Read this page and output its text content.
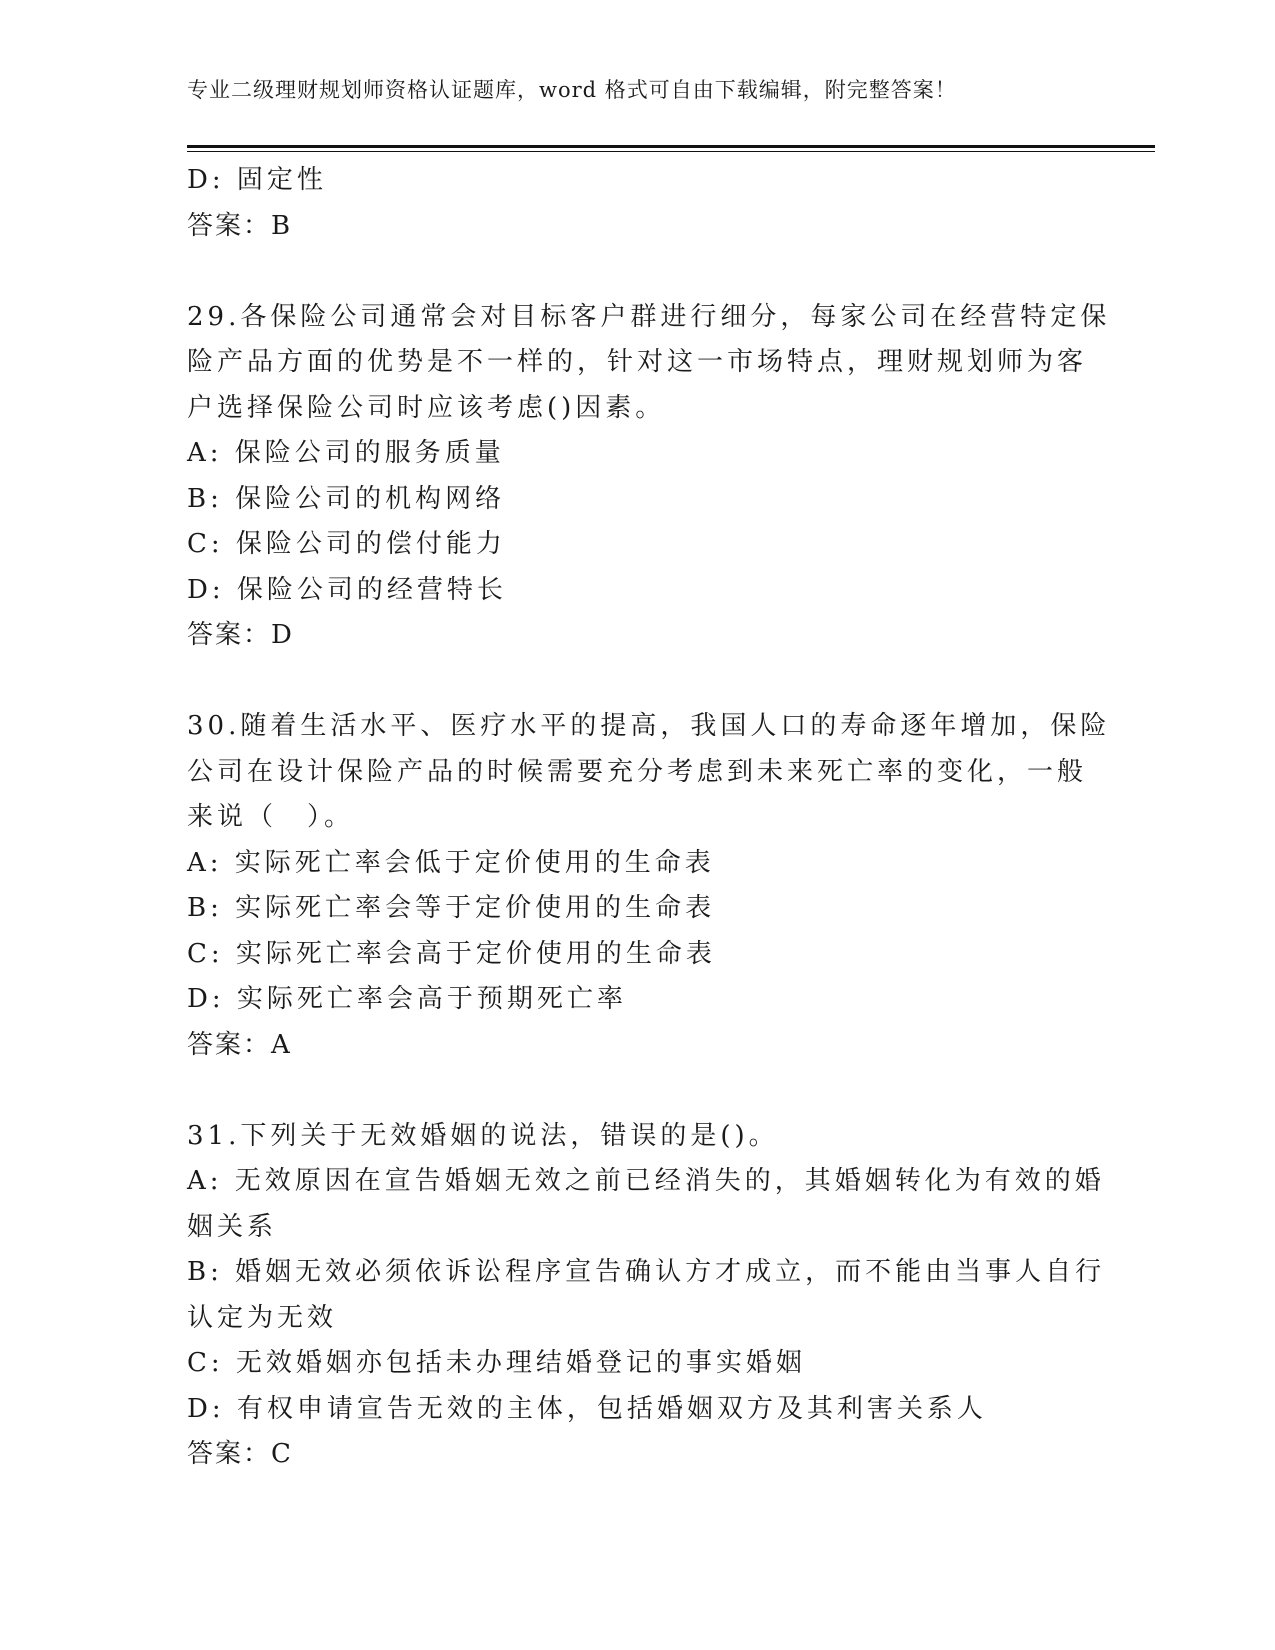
专业二级理财规划师资格认证题库，word 格式可自由下载编辑，附完整答案！
D: 固定性
答案：B
29.各保险公司通常会对目标客户群进行细分，每家公司在经营特定保
险产品方面的优势是不一样的，针对这一市场特点，理财规划师为客
户选择保险公司时应该考虑()因素。
A: 保险公司的服务质量
B: 保险公司的机构网络
C: 保险公司的偿付能力
D: 保险公司的经营特长
答案：D
30.随着生活水平、医疗水平的提高，我国人口的寿命逐年增加，保险
公司在设计保险产品的时候需要充分考虑到未来死亡率的变化，一般
来说（　）。
A: 实际死亡率会低于定价使用的生命表
B: 实际死亡率会等于定价使用的生命表
C: 实际死亡率会高于定价使用的生命表
D: 实际死亡率会高于预期死亡率
答案：A
31.下列关于无效婚姻的说法，错误的是()。
A: 无效原因在宣告婚姻无效之前已经消失的，其婚姻转化为有效的婚
姻关系
B: 婚姻无效必须依诉讼程序宣告确认方才成立，而不能由当事人自行
认定为无效
C: 无效婚姻亦包括未办理结婚登记的事实婚姻
D: 有权申请宣告无效的主体，包括婚姻双方及其利害关系人
答案：C
